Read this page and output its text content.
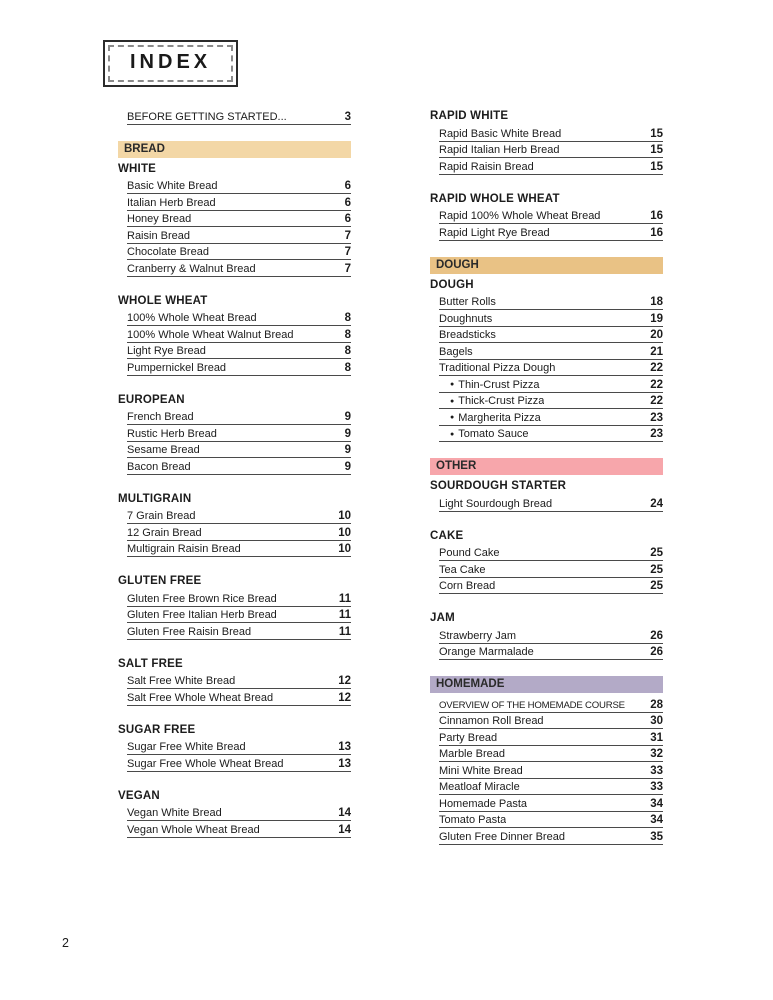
INDEX
BEFORE GETTING STARTED...	3
BREAD
WHITE
Basic White Bread	6
Italian Herb Bread	6
Honey Bread	6
Raisin Bread	7
Chocolate Bread	7
Cranberry & Walnut Bread	7
WHOLE WHEAT
100% Whole Wheat Bread	8
100% Whole Wheat Walnut Bread	8
Light Rye Bread	8
Pumpernickel Bread	8
EUROPEAN
French Bread	9
Rustic Herb Bread	9
Sesame Bread	9
Bacon Bread	9
MULTIGRAIN
7 Grain Bread	10
12 Grain Bread	10
Multigrain Raisin Bread	10
GLUTEN FREE
Gluten Free Brown Rice Bread	11
Gluten Free Italian Herb Bread	11
Gluten Free Raisin Bread	11
SALT FREE
Salt Free White Bread	12
Salt Free Whole Wheat Bread	12
SUGAR FREE
Sugar Free White Bread	13
Sugar Free Whole Wheat Bread	13
VEGAN
Vegan White Bread	14
Vegan Whole Wheat Bread	14
RAPID WHITE
Rapid Basic White Bread	15
Rapid Italian Herb Bread	15
Rapid Raisin Bread	15
RAPID WHOLE WHEAT
Rapid 100% Whole Wheat Bread	16
Rapid Light Rye Bread	16
DOUGH
DOUGH
Butter Rolls	18
Doughnuts	19
Breadsticks	20
Bagels	21
Traditional Pizza Dough	22
● Thin-Crust Pizza	22
● Thick-Crust Pizza	22
● Margherita Pizza	23
● Tomato Sauce	23
OTHER
SOURDOUGH STARTER
Light Sourdough Bread	24
CAKE
Pound Cake	25
Tea Cake	25
Corn Bread	25
JAM
Strawberry Jam	26
Orange Marmalade	26
HOMEMADE
OVERVIEW OF THE HOMEMADE COURSE 28
Cinnamon Roll Bread	30
Party Bread	31
Marble Bread	32
Mini White Bread	33
Meatloaf Miracle	33
Homemade Pasta	34
Tomato Pasta	34
Gluten Free Dinner Bread	35
2
